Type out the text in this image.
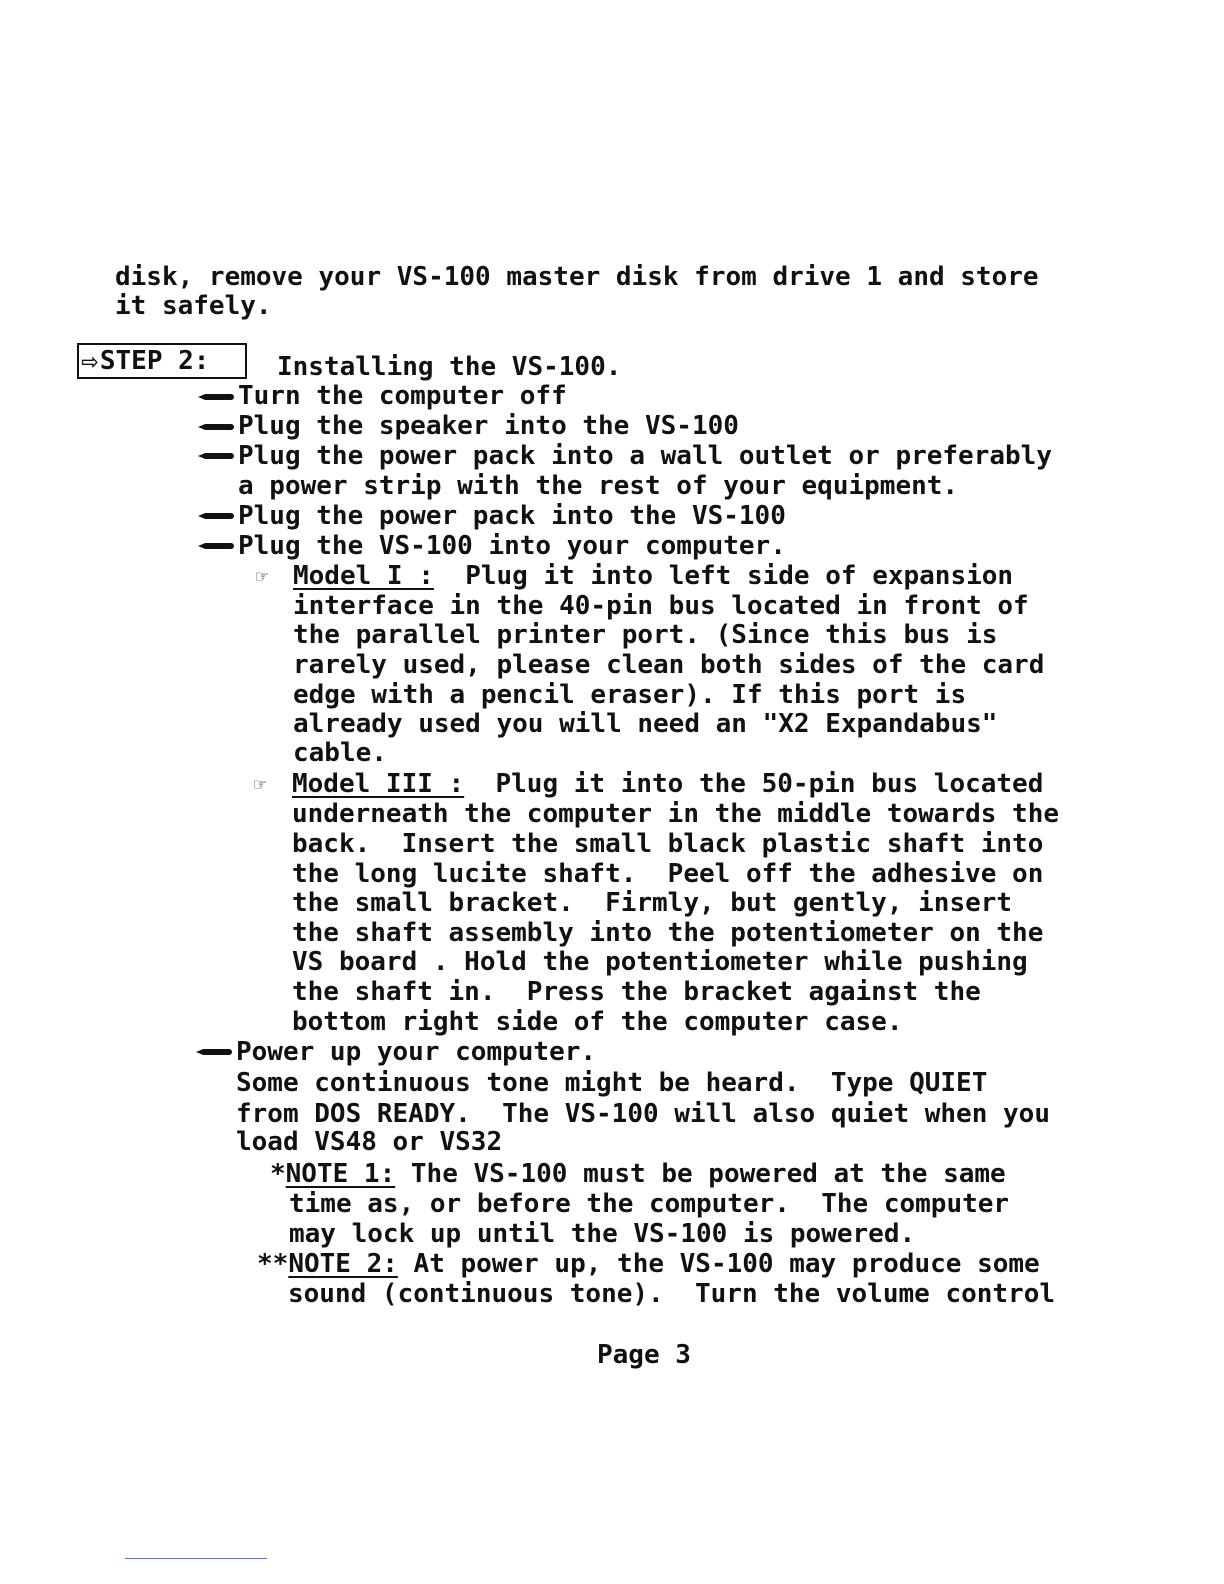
disk, remove your VS-100 master disk from drive 1 and store
it safely.
⇨ STEP 2:	Installing the VS-100.
Turn the computer off
Plug the speaker into the VS-100
Plug the power pack into a wall outlet or preferably
a power strip with the rest of your equipment.
Plug the power pack into the VS-100
Plug the VS-100 into your computer.
☞ Model I : Plug it into left side of expansion
interface in the 40-pin bus located in front of
the parallel printer port. (Since this bus is
rarely used, please clean both sides of the card
edge with a pencil eraser). If this port is
already used you will need an "X2 Expandabus"
cable.
☞ Model III : Plug it into the 50-pin bus located
underneath the computer in the middle towards the
back.  Insert the small black plastic shaft into
the long lucite shaft.  Peel off the adhesive on
the small bracket.  Firmly, but gently, insert
the shaft assembly into the potentiometer on the
VS board . Hold the potentiometer while pushing
the shaft in.  Press the bracket against the
bottom right side of the computer case.
Power up your computer.
Some continuous tone might be heard.  Type QUIET
from DOS READY.  The VS-100 will also quiet when you
load VS48 or VS32
*NOTE 1: The VS-100 must be powered at the same
time as, or before the computer.  The computer
may lock up until the VS-100 is powered.
**NOTE 2: At power up, the VS-100 may produce some
sound (continuous tone).  Turn the volume control
Page 3
